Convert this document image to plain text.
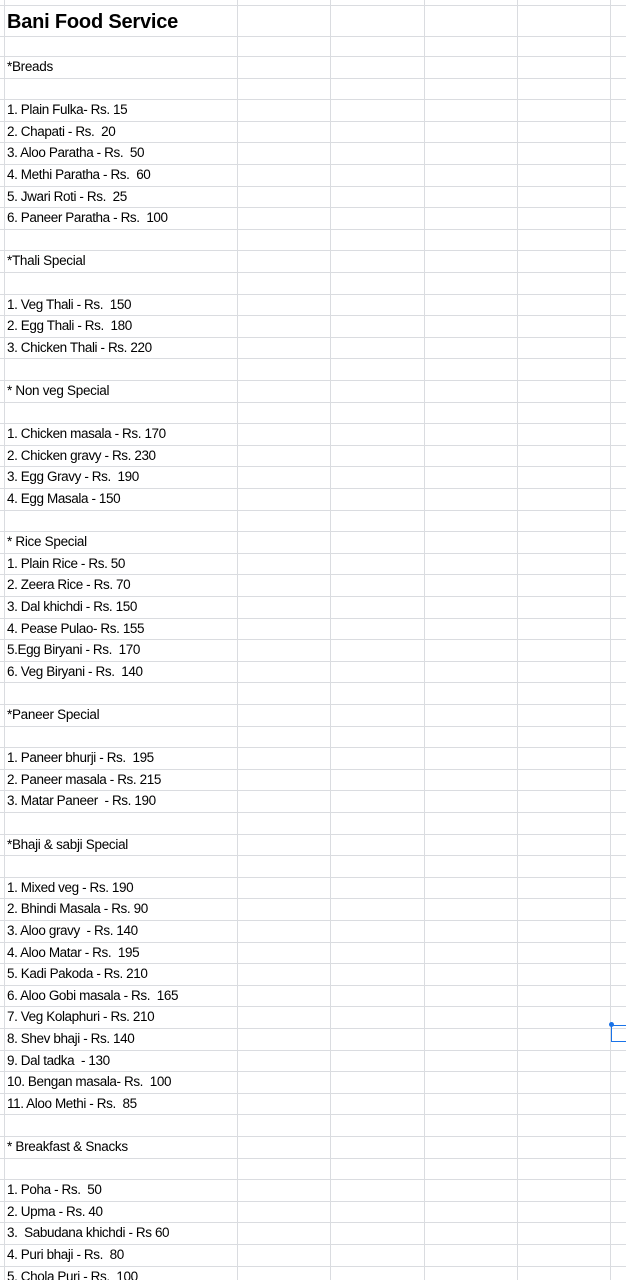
Bani Food Service
*Breads
1. Plain Fulka- Rs. 15
2. Chapati - Rs.  20
3. Aloo Paratha - Rs.  50
4. Methi Paratha - Rs.  60
5. Jwari Roti - Rs.  25
6. Paneer Paratha - Rs.  100
*Thali Special
1. Veg Thali - Rs.  150
2. Egg Thali - Rs.  180
3. Chicken Thali - Rs. 220
* Non veg Special
1. Chicken masala - Rs. 170
2. Chicken gravy - Rs. 230
3. Egg Gravy - Rs.  190
4. Egg Masala - 150
* Rice Special
1. Plain Rice - Rs. 50
2. Zeera Rice - Rs. 70
3. Dal khichdi - Rs. 150
4. Pease Pulao- Rs. 155
5.Egg Biryani - Rs.  170
6. Veg Biryani - Rs.  140
*Paneer Special
1. Paneer bhurji - Rs.  195
2. Paneer masala - Rs. 215
3. Matar Paneer  - Rs. 190
*Bhaji & sabji Special
1. Mixed veg - Rs. 190
2. Bhindi Masala - Rs. 90
3. Aloo gravy  - Rs. 140
4. Aloo Matar - Rs.  195
5. Kadi Pakoda - Rs. 210
6. Aloo Gobi masala - Rs.  165
7. Veg Kolaphuri - Rs. 210
8. Shev bhaji - Rs. 140
9. Dal tadka  - 130
10. Bengan masala- Rs.  100
11. Aloo Methi - Rs.  85
* Breakfast & Snacks
1. Poha - Rs.  50
2. Upma - Rs. 40
3.  Sabudana khichdi - Rs 60
4. Puri bhaji - Rs.  80
5. Chola Puri - Rs.  100
